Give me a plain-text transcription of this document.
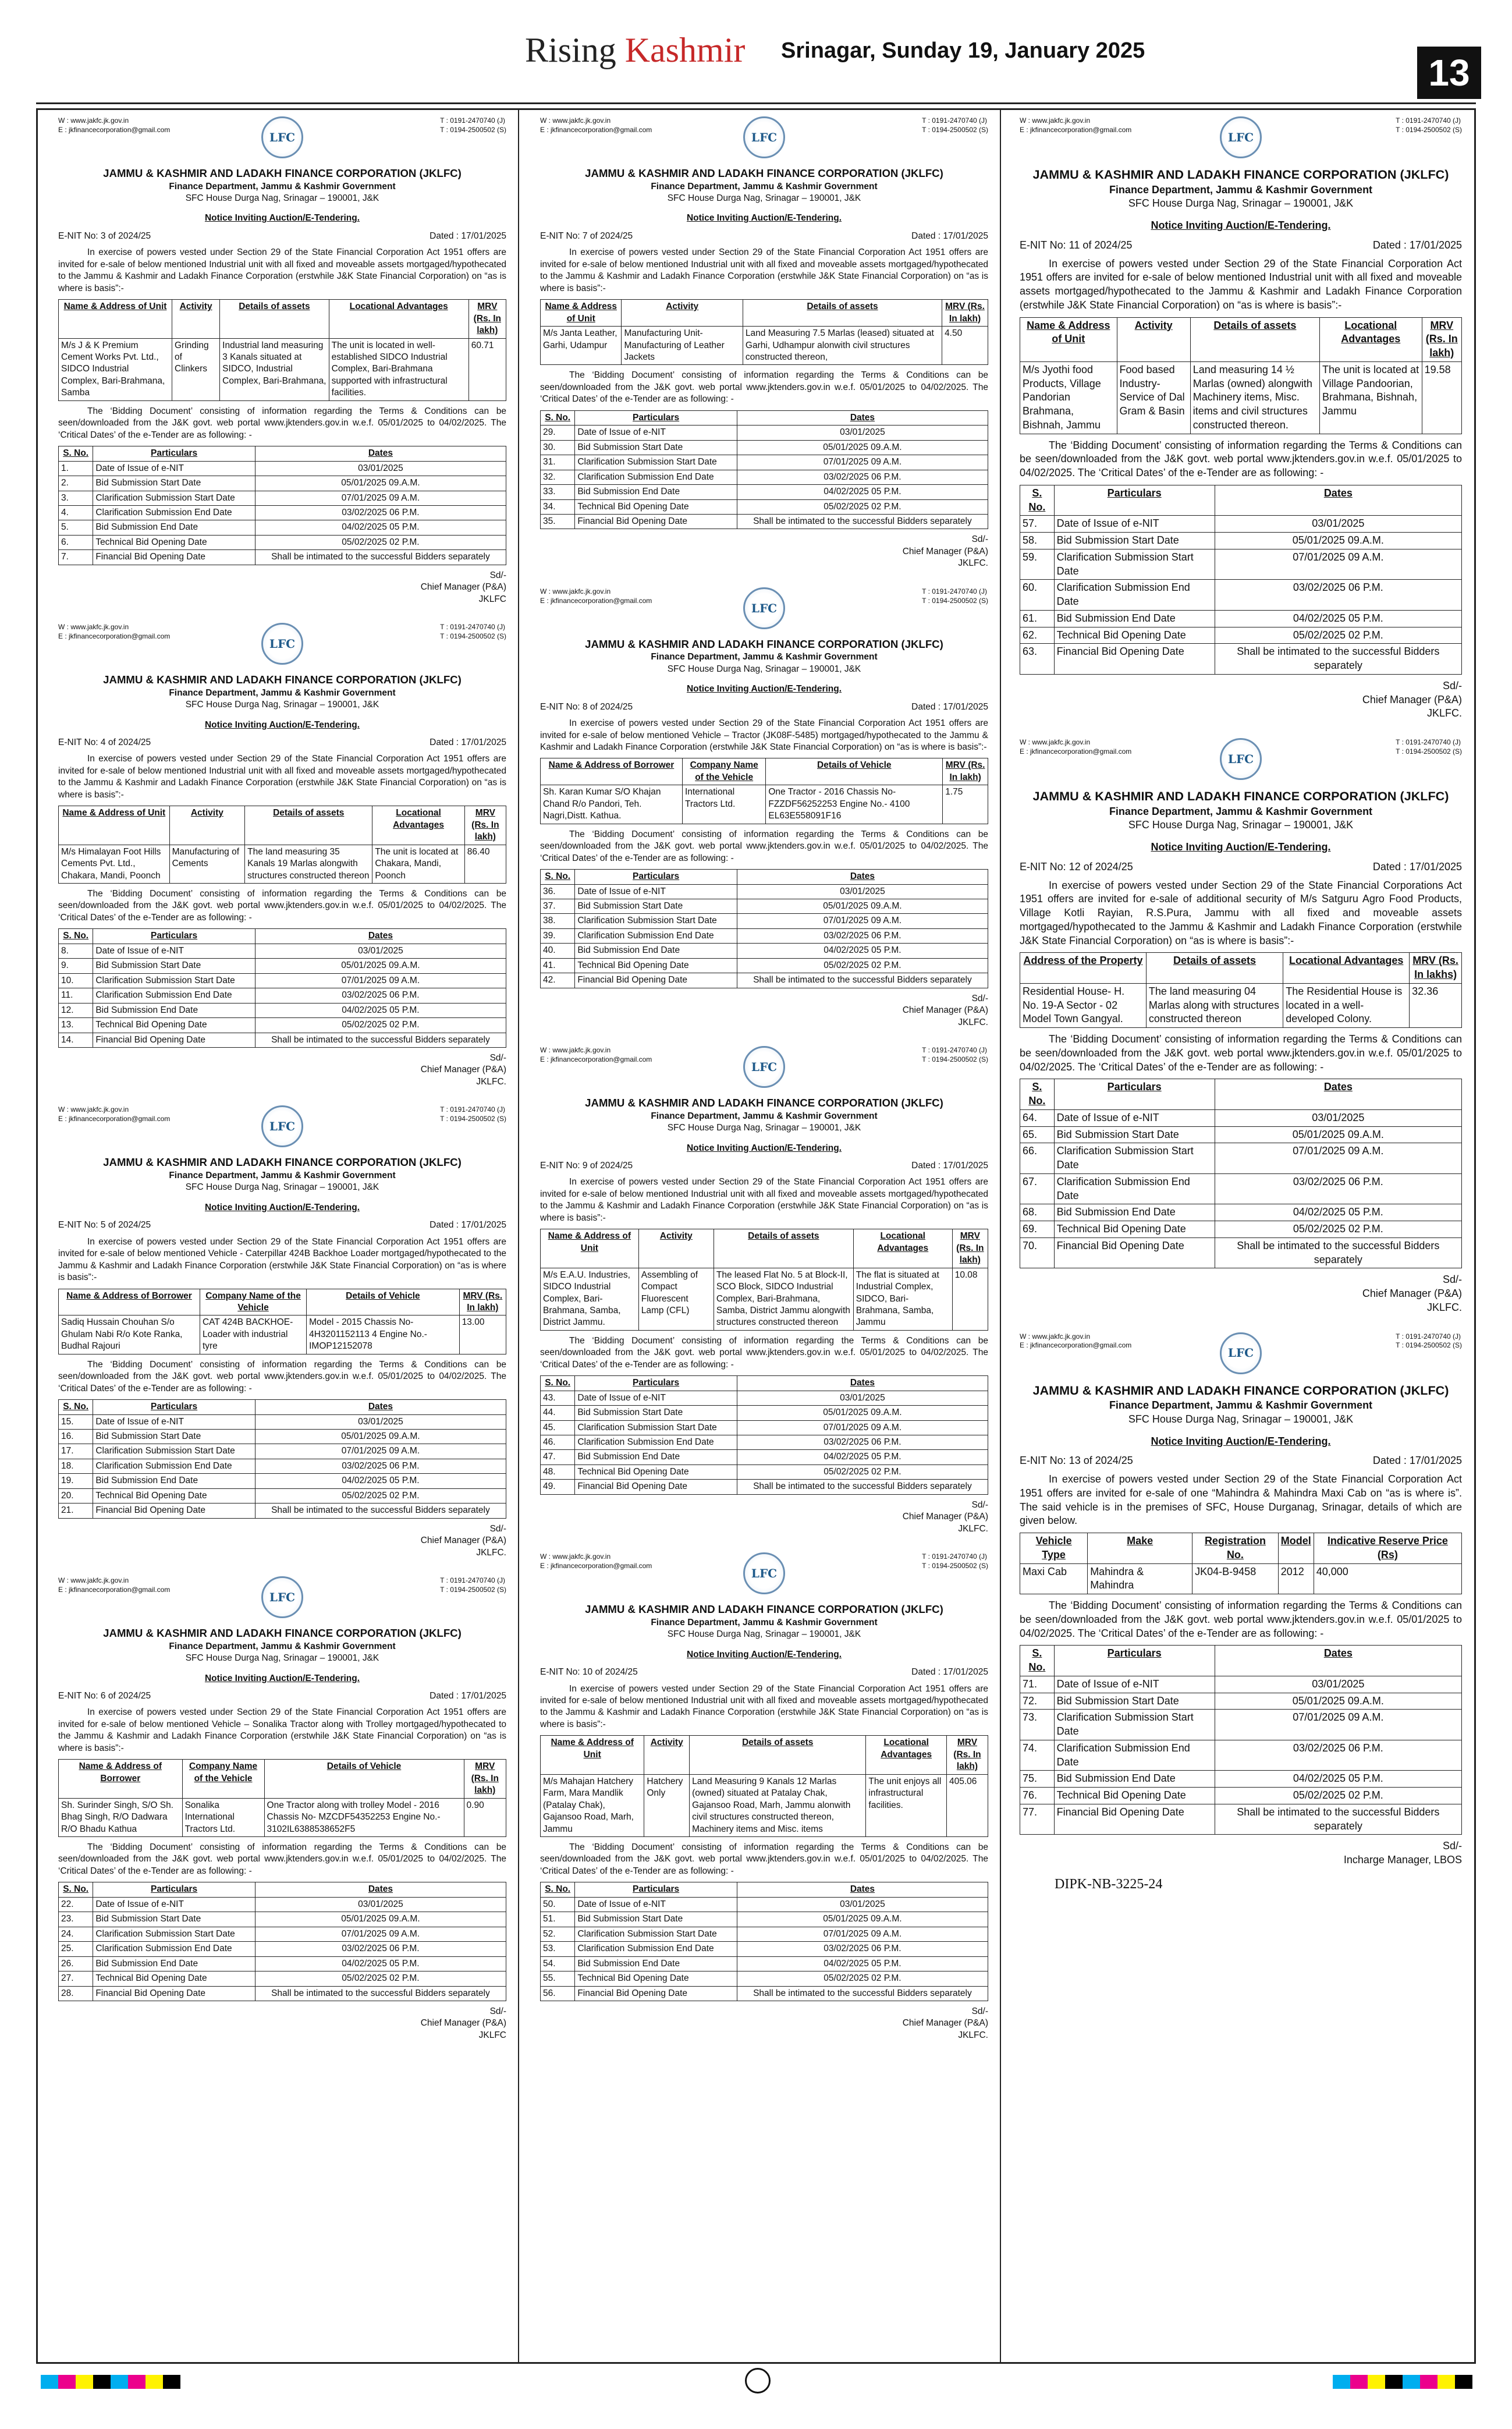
Rising Kashmir Srinagar, Sunday 19, January 2025
13
W : www.jakfc.jk.gov.in
E : jkfinancecorporation@gmail.com
LFC
T : 0191-2470740 (J)
T : 0194-2500502 (S)
JAMMU & KASHMIR AND LADAKH FINANCE CORPORATION (JKLFC)
Finance Department, Jammu & Kashmir Government
SFC House Durga Nag, Srinagar – 190001, J&K
Notice Inviting Auction/E-Tendering.
E-NIT No: 3 of 2024/25	Dated : 17/01/2025
In exercise of powers vested under Section 29 of the State Financial Corporation Act 1951 offers are invited for e-sale of below mentioned Industrial unit with all fixed and moveable assets mortgaged/hypothecated to the Jammu & Kashmir and Ladakh Finance Corporation (erstwhile J&K State Financial Corporation) on “as is where is basis”:-
Name & Address of Unit	Activity	Details of assets	Locational Advantages	MRV (Rs. In lakh)
M/s J & K Premium Cement Works Pvt. Ltd., SIDCO Industrial Complex, Bari-Brahmana, Samba	Grinding of Clinkers	Industrial land measuring 3 Kanals situated at SIDCO, Industrial Complex, Bari-Brahmana,	The unit is located in well-established SIDCO Industrial Complex, Bari-Brahmana supported with infrastructural facilities.	60.71
The ‘Bidding Document’ consisting of information regarding the Terms & Conditions can be seen/downloaded from the J&K govt. web portal www.jktenders.gov.in w.e.f. 05/01/2025 to 04/02/2025. The ‘Critical Dates’ of the e-Tender are as following: -
S. No.	Particulars	Dates
1.	Date of Issue of e-NIT	03/01/2025
2.	Bid Submission Start Date	05/01/2025 09.A.M.
3.	Clarification Submission Start Date	07/01/2025 09 A.M.
4.	Clarification Submission End Date	03/02/2025 06 P.M.
5.	Bid Submission End Date	04/02/2025 05 P.M.
6.	Technical Bid Opening Date	05/02/2025 02 P.M.
7.	Financial Bid Opening Date	Shall be intimated to the successful Bidders separately
Sd/-
Chief Manager (P&A)
JKLFC
W : www.jakfc.jk.gov.in
E : jkfinancecorporation@gmail.com
LFC
T : 0191-2470740 (J)
T : 0194-2500502 (S)
JAMMU & KASHMIR AND LADAKH FINANCE CORPORATION (JKLFC)
Finance Department, Jammu & Kashmir Government
SFC House Durga Nag, Srinagar – 190001, J&K
Notice Inviting Auction/E-Tendering.
E-NIT No: 4 of 2024/25	Dated : 17/01/2025
In exercise of powers vested under Section 29 of the State Financial Corporation Act 1951 offers are invited for e-sale of below mentioned Industrial unit with all fixed and moveable assets mortgaged/hypothecated to the Jammu & Kashmir and Ladakh Finance Corporation (erstwhile J&K State Financial Corporation) on “as is where is basis”:-
Name & Address of Unit	Activity	Details of assets	Locational Advantages	MRV (Rs. In lakh)
M/s Himalayan Foot Hills Cements Pvt. Ltd., Chakara, Mandi, Poonch	Manufacturing of Cements	The land measuring 35 Kanals 19 Marlas alongwith structures constructed thereon	The unit is located at Chakara, Mandi, Poonch	86.40
The ‘Bidding Document’ consisting of information regarding the Terms & Conditions can be seen/downloaded from the J&K govt. web portal www.jktenders.gov.in w.e.f. 05/01/2025 to 04/02/2025. The ‘Critical Dates’ of the e-Tender are as following: -
S. No.	Particulars	Dates
8.	Date of Issue of e-NIT	03/01/2025
9.	Bid Submission Start Date	05/01/2025 09.A.M.
10.	Clarification Submission Start Date	07/01/2025 09 A.M.
11.	Clarification Submission End Date	03/02/2025 06 P.M.
12.	Bid Submission End Date	04/02/2025 05 P.M.
13.	Technical Bid Opening Date	05/02/2025 02 P.M.
14.	Financial Bid Opening Date	Shall be intimated to the successful Bidders separately
Sd/-
Chief Manager (P&A)
JKLFC.
W : www.jakfc.jk.gov.in
E : jkfinancecorporation@gmail.com
LFC
T : 0191-2470740 (J)
T : 0194-2500502 (S)
JAMMU & KASHMIR AND LADAKH FINANCE CORPORATION (JKLFC)
Finance Department, Jammu & Kashmir Government
SFC House Durga Nag, Srinagar – 190001, J&K
Notice Inviting Auction/E-Tendering.
E-NIT No: 5 of 2024/25	Dated : 17/01/2025
In exercise of powers vested under Section 29 of the State Financial Corporation Act 1951 offers are invited for e-sale of below mentioned Vehicle - Caterpillar 424B Backhoe Loader mortgaged/hypothecated to the Jammu & Kashmir and Ladakh Finance Corporation (erstwhile J&K State Financial Corporation) on “as is where is basis”:-
Name & Address of Borrower	Company Name of the Vehicle	Details of Vehicle	MRV (Rs. In lakh)
Sadiq Hussain Chouhan S/o Ghulam Nabi R/o Kote Ranka, Budhal Rajouri	CAT 424B BACKHOE-Loader with industrial tyre	Model - 2015 Chassis No- 4H3201152113 4 Engine No.- IMOP12152078	13.00
The ‘Bidding Document’ consisting of information regarding the Terms & Conditions can be seen/downloaded from the J&K govt. web portal www.jktenders.gov.in w.e.f. 05/01/2025 to 04/02/2025. The ‘Critical Dates’ of the e-Tender are as following: -
S. No.	Particulars	Dates
15.	Date of Issue of e-NIT	03/01/2025
16.	Bid Submission Start Date	05/01/2025 09.A.M.
17.	Clarification Submission Start Date	07/01/2025 09 A.M.
18.	Clarification Submission End Date	03/02/2025 06 P.M.
19.	Bid Submission End Date	04/02/2025 05 P.M.
20.	Technical Bid Opening Date	05/02/2025 02 P.M.
21.	Financial Bid Opening Date	Shall be intimated to the successful Bidders separately
Sd/-
Chief Manager (P&A)
JKLFC.
W : www.jakfc.jk.gov.in
E : jkfinancecorporation@gmail.com
LFC
T : 0191-2470740 (J)
T : 0194-2500502 (S)
JAMMU & KASHMIR AND LADAKH FINANCE CORPORATION (JKLFC)
Finance Department, Jammu & Kashmir Government
SFC House Durga Nag, Srinagar – 190001, J&K
Notice Inviting Auction/E-Tendering.
E-NIT No: 6 of 2024/25	Dated : 17/01/2025
In exercise of powers vested under Section 29 of the State Financial Corporation Act 1951 offers are invited for e-sale of below mentioned Vehicle – Sonalika Tractor along with Trolley mortgaged/hypothecated to the Jammu & Kashmir and Ladakh Finance Corporation (erstwhile J&K State Financial Corporation) on “as is where is basis”:-
Name & Address of Borrower	Company Name of the Vehicle	Details of Vehicle	MRV (Rs. In lakh)
Sh. Surinder Singh, S/O Sh. Bhag Singh, R/O Dadwara R/O Bhadu Kathua	Sonalika International Tractors Ltd.	One Tractor along with trolley Model - 2016 Chassis No- MZCDF54352253 Engine No.- 3102IL6388538652F5	0.90
The ‘Bidding Document’ consisting of information regarding the Terms & Conditions can be seen/downloaded from the J&K govt. web portal www.jktenders.gov.in w.e.f. 05/01/2025 to 04/02/2025. The ‘Critical Dates’ of the e-Tender are as following: -
S. No.	Particulars	Dates
22.	Date of Issue of e-NIT	03/01/2025
23.	Bid Submission Start Date	05/01/2025 09.A.M.
24.	Clarification Submission Start Date	07/01/2025 09 A.M.
25.	Clarification Submission End Date	03/02/2025 06 P.M.
26.	Bid Submission End Date	04/02/2025 05 P.M.
27.	Technical Bid Opening Date	05/02/2025 02 P.M.
28.	Financial Bid Opening Date	Shall be intimated to the successful Bidders separately
Sd/-
Chief Manager (P&A)
JKLFC
W : www.jakfc.jk.gov.in
E : jkfinancecorporation@gmail.com
LFC
T : 0191-2470740 (J)
T : 0194-2500502 (S)
JAMMU & KASHMIR AND LADAKH FINANCE CORPORATION (JKLFC)
Finance Department, Jammu & Kashmir Government
SFC House Durga Nag, Srinagar – 190001, J&K
Notice Inviting Auction/E-Tendering.
E-NIT No: 7 of 2024/25	Dated : 17/01/2025
In exercise of powers vested under Section 29 of the State Financial Corporation Act 1951 offers are invited for e-sale of below mentioned Industrial unit with all fixed and moveable assets mortgaged/hypothecated to the Jammu & Kashmir and Ladakh Finance Corporation (erstwhile J&K State Financial Corporation) on “as is where is basis”:-
Name & Address of Unit	Activity	Details of assets	MRV (Rs. In lakh)
M/s Janta Leather, Garhi, Udampur	Manufacturing Unit- Manufacturing of Leather Jackets	Land Measuring 7.5 Marlas (leased) situated at Garhi, Udhampur alonwith civil structures constructed thereon,	4.50
The ‘Bidding Document’ consisting of information regarding the Terms & Conditions can be seen/downloaded from the J&K govt. web portal www.jktenders.gov.in w.e.f. 05/01/2025 to 04/02/2025. The ‘Critical Dates’ of the e-Tender are as following: -
S. No.	Particulars	Dates
29.	Date of Issue of e-NIT	03/01/2025
30.	Bid Submission Start Date	05/01/2025 09.A.M.
31.	Clarification Submission Start Date	07/01/2025 09 A.M.
32.	Clarification Submission End Date	03/02/2025 06 P.M.
33.	Bid Submission End Date	04/02/2025 05 P.M.
34.	Technical Bid Opening Date	05/02/2025 02 P.M.
35.	Financial Bid Opening Date	Shall be intimated to the successful Bidders separately
Sd/-
Chief Manager (P&A)
JKLFC.
W : www.jakfc.jk.gov.in
E : jkfinancecorporation@gmail.com
LFC
T : 0191-2470740 (J)
T : 0194-2500502 (S)
JAMMU & KASHMIR AND LADAKH FINANCE CORPORATION (JKLFC)
Finance Department, Jammu & Kashmir Government
SFC House Durga Nag, Srinagar – 190001, J&K
Notice Inviting Auction/E-Tendering.
E-NIT No: 8 of 2024/25	Dated : 17/01/2025
In exercise of powers vested under Section 29 of the State Financial Corporation Act 1951 offers are invited for e-sale of below mentioned Vehicle – Tractor (JK08F-5485) mortgaged/hypothecated to the Jammu & Kashmir and Ladakh Finance Corporation (erstwhile J&K State Financial Corporation) on “as is where is basis”:-
Name & Address of Borrower	Company Name of the Vehicle	Details of Vehicle	MRV (Rs. In lakh)
Sh. Karan Kumar S/O Khajan Chand R/o Pandori, Teh. Nagri,Distt. Kathua.	International Tractors Ltd.	One Tractor - 2016 Chassis No- FZZDF56252253 Engine No.- 4100 EL63E558091F16	1.75
The ‘Bidding Document’ consisting of information regarding the Terms & Conditions can be seen/downloaded from the J&K govt. web portal www.jktenders.gov.in w.e.f. 05/01/2025 to 04/02/2025. The ‘Critical Dates’ of the e-Tender are as following: -
S. No.	Particulars	Dates
36.	Date of Issue of e-NIT	03/01/2025
37.	Bid Submission Start Date	05/01/2025 09.A.M.
38.	Clarification Submission Start Date	07/01/2025 09 A.M.
39.	Clarification Submission End Date	03/02/2025 06 P.M.
40.	Bid Submission End Date	04/02/2025 05 P.M.
41.	Technical Bid Opening Date	05/02/2025 02 P.M.
42.	Financial Bid Opening Date	Shall be intimated to the successful Bidders separately
Sd/-
Chief Manager (P&A)
JKLFC.
W : www.jakfc.jk.gov.in
E : jkfinancecorporation@gmail.com
LFC
T : 0191-2470740 (J)
T : 0194-2500502 (S)
JAMMU & KASHMIR AND LADAKH FINANCE CORPORATION (JKLFC)
Finance Department, Jammu & Kashmir Government
SFC House Durga Nag, Srinagar – 190001, J&K
Notice Inviting Auction/E-Tendering.
E-NIT No: 9 of 2024/25	Dated : 17/01/2025
In exercise of powers vested under Section 29 of the State Financial Corporation Act 1951 offers are invited for e-sale of below mentioned Industrial unit with all fixed and moveable assets mortgaged/hypothecated to the Jammu & Kashmir and Ladakh Finance Corporation (erstwhile J&K State Financial Corporation) on “as is where is basis”:-
Name & Address of Unit	Activity	Details of assets	Locational Advantages	MRV (Rs. In lakh)
M/s E.A.U. Industries, SIDCO Industrial Complex, Bari-Brahmana, Samba, District Jammu.	Assembling of Compact Fluorescent Lamp (CFL)	The leased Flat No. 5 at Block-II, SCO Block, SIDCO Industrial Complex, Bari-Brahmana, Samba, District Jammu alongwith structures constructed thereon	The flat is situated at Industrial Complex, SIDCO, Bari-Brahmana, Samba, Jammu	10.08
The ‘Bidding Document’ consisting of information regarding the Terms & Conditions can be seen/downloaded from the J&K govt. web portal www.jktenders.gov.in w.e.f. 05/01/2025 to 04/02/2025. The ‘Critical Dates’ of the e-Tender are as following: -
S. No.	Particulars	Dates
43.	Date of Issue of e-NIT	03/01/2025
44.	Bid Submission Start Date	05/01/2025 09.A.M.
45.	Clarification Submission Start Date	07/01/2025 09 A.M.
46.	Clarification Submission End Date	03/02/2025 06 P.M.
47.	Bid Submission End Date	04/02/2025 05 P.M.
48.	Technical Bid Opening Date	05/02/2025 02 P.M.
49.	Financial Bid Opening Date	Shall be intimated to the successful Bidders separately
Sd/-
Chief Manager (P&A)
JKLFC.
W : www.jakfc.jk.gov.in
E : jkfinancecorporation@gmail.com
LFC
T : 0191-2470740 (J)
T : 0194-2500502 (S)
JAMMU & KASHMIR AND LADAKH FINANCE CORPORATION (JKLFC)
Finance Department, Jammu & Kashmir Government
SFC House Durga Nag, Srinagar – 190001, J&K
Notice Inviting Auction/E-Tendering.
E-NIT No: 10 of 2024/25	Dated : 17/01/2025
In exercise of powers vested under Section 29 of the State Financial Corporation Act 1951 offers are invited for e-sale of below mentioned Industrial unit with all fixed and moveable assets mortgaged/hypothecated to the Jammu & Kashmir and Ladakh Finance Corporation (erstwhile J&K State Financial Corporation) on “as is where is basis”:-
Name & Address of Unit	Activity	Details of assets	Locational Advantages	MRV (Rs. In lakh)
M/s Mahajan Hatchery Farm, Mara Mandlik (Patalay Chak), Gajansoo Road, Marh, Jammu	Hatchery Only	Land Measuring 9 Kanals 12 Marlas (owned) situated at Patalay Chak, Gajansoo Road, Marh, Jammu alonwith civil structures constructed thereon, Machinery items and Misc. items	The unit enjoys all infrastructural facilities.	405.06
The ‘Bidding Document’ consisting of information regarding the Terms & Conditions can be seen/downloaded from the J&K govt. web portal www.jktenders.gov.in w.e.f. 05/01/2025 to 04/02/2025. The ‘Critical Dates’ of the e-Tender are as following: -
S. No.	Particulars	Dates
50.	Date of Issue of e-NIT	03/01/2025
51.	Bid Submission Start Date	05/01/2025 09.A.M.
52.	Clarification Submission Start Date	07/01/2025 09 A.M.
53.	Clarification Submission End Date	03/02/2025 06 P.M.
54.	Bid Submission End Date	04/02/2025 05 P.M.
55.	Technical Bid Opening Date	05/02/2025 02 P.M.
56.	Financial Bid Opening Date	Shall be intimated to the successful Bidders separately
Sd/-
Chief Manager (P&A)
JKLFC.
W : www.jakfc.jk.gov.in
E : jkfinancecorporation@gmail.com
LFC
T : 0191-2470740 (J)
T : 0194-2500502 (S)
JAMMU & KASHMIR AND LADAKH FINANCE CORPORATION (JKLFC)
Finance Department, Jammu & Kashmir Government
SFC House Durga Nag, Srinagar – 190001, J&K
Notice Inviting Auction/E-Tendering.
E-NIT No: 11 of 2024/25	Dated : 17/01/2025
In exercise of powers vested under Section 29 of the State Financial Corporation Act 1951 offers are invited for e-sale of below mentioned Industrial unit with all fixed and moveable assets mortgaged/hypothecated to the Jammu & Kashmir and Ladakh Finance Corporation (erstwhile J&K State Financial Corporation) on “as is where is basis”:-
Name & Address of Unit	Activity	Details of assets	Locational Advantages	MRV (Rs. In lakh)
M/s Jyothi food Products, Village Pandorian Brahmana, Bishnah, Jammu	Food based Industry- Service of Dal Gram & Basin	Land measuring 14 ½ Marlas (owned) alongwith Machinery items, Misc. items and civil structures constructed thereon.	The unit is located at Village Pandoorian, Brahmana, Bishnah, Jammu	19.58
The ‘Bidding Document’ consisting of information regarding the Terms & Conditions can be seen/downloaded from the J&K govt. web portal www.jktenders.gov.in w.e.f. 05/01/2025 to 04/02/2025. The ‘Critical Dates’ of the e-Tender are as following: -
S. No.	Particulars	Dates
57.	Date of Issue of e-NIT	03/01/2025
58.	Bid Submission Start Date	05/01/2025 09.A.M.
59.	Clarification Submission Start Date	07/01/2025 09 A.M.
60.	Clarification Submission End Date	03/02/2025 06 P.M.
61.	Bid Submission End Date	04/02/2025 05 P.M.
62.	Technical Bid Opening Date	05/02/2025 02 P.M.
63.	Financial Bid Opening Date	Shall be intimated to the successful Bidders separately
Sd/-
Chief Manager (P&A)
JKLFC.
W : www.jakfc.jk.gov.in
E : jkfinancecorporation@gmail.com
LFC
T : 0191-2470740 (J)
T : 0194-2500502 (S)
JAMMU & KASHMIR AND LADAKH FINANCE CORPORATION (JKLFC)
Finance Department, Jammu & Kashmir Government
SFC House Durga Nag, Srinagar – 190001, J&K
Notice Inviting Auction/E-Tendering.
E-NIT No: 12 of 2024/25	Dated : 17/01/2025
In exercise of powers vested under Section 29 of the State Financial Corporations Act 1951 offers are invited for e-sale of additional security of M/s Satguru Agro Food Products, Village Kotli Rayian, R.S.Pura, Jammu with all fixed and moveable assets mortgaged/hypothecated to the Jammu & Kashmir and Ladakh Finance Corporation (erstwhile J&K State Financial Corporation) on “as is where is basis”:-
Address of the Property	Details of assets	Locational Advantages	MRV (Rs. In lakhs)
Residential House- H. No. 19-A Sector - 02 Model Town Gangyal.	The land measuring 04 Marlas along with structures constructed thereon	The Residential House is located in a well-developed Colony.	32.36
The ‘Bidding Document’ consisting of information regarding the Terms & Conditions can be seen/downloaded from the J&K govt. web portal www.jktenders.gov.in w.e.f. 05/01/2025 to 04/02/2025. The ‘Critical Dates’ of the e-Tender are as following: -
S. No.	Particulars	Dates
64.	Date of Issue of e-NIT	03/01/2025
65.	Bid Submission Start Date	05/01/2025 09.A.M.
66.	Clarification Submission Start Date	07/01/2025 09 A.M.
67.	Clarification Submission End Date	03/02/2025 06 P.M.
68.	Bid Submission End Date	04/02/2025 05 P.M.
69.	Technical Bid Opening Date	05/02/2025 02 P.M.
70.	Financial Bid Opening Date	Shall be intimated to the successful Bidders separately
Sd/-
Chief Manager (P&A)
JKLFC.
W : www.jakfc.jk.gov.in
E : jkfinancecorporation@gmail.com
LFC
T : 0191-2470740 (J)
T : 0194-2500502 (S)
JAMMU & KASHMIR AND LADAKH FINANCE CORPORATION (JKLFC)
Finance Department, Jammu & Kashmir Government
SFC House Durga Nag, Srinagar – 190001, J&K
Notice Inviting Auction/E-Tendering.
E-NIT No: 13 of 2024/25	Dated : 17/01/2025
In exercise of powers vested under Section 29 of the State Financial Corporation Act 1951 offers are invited for e-sale of one “Mahindra & Mahindra Maxi Cab on “as is where is”. The said vehicle is in the premises of SFC, House Durganag, Srinagar, details of which are given below.
Vehicle Type	Make	Registration No.	Model	Indicative Reserve Price (Rs)
Maxi Cab	Mahindra & Mahindra	JK04-B-9458	2012	40,000
The ‘Bidding Document’ consisting of information regarding the Terms & Conditions can be seen/downloaded from the J&K govt. web portal www.jktenders.gov.in w.e.f. 05/01/2025 to 04/02/2025. The ‘Critical Dates’ of the e-Tender are as following: -
S. No.	Particulars	Dates
71.	Date of Issue of e-NIT	03/01/2025
72.	Bid Submission Start Date	05/01/2025 09.A.M.
73.	Clarification Submission Start Date	07/01/2025 09 A.M.
74.	Clarification Submission End Date	03/02/2025 06 P.M.
75.	Bid Submission End Date	04/02/2025 05 P.M.
76.	Technical Bid Opening Date	05/02/2025 02 P.M.
77.	Financial Bid Opening Date	Shall be intimated to the successful Bidders separately
Sd/-
Incharge Manager, LBOS
DIPK-NB-3225-24
